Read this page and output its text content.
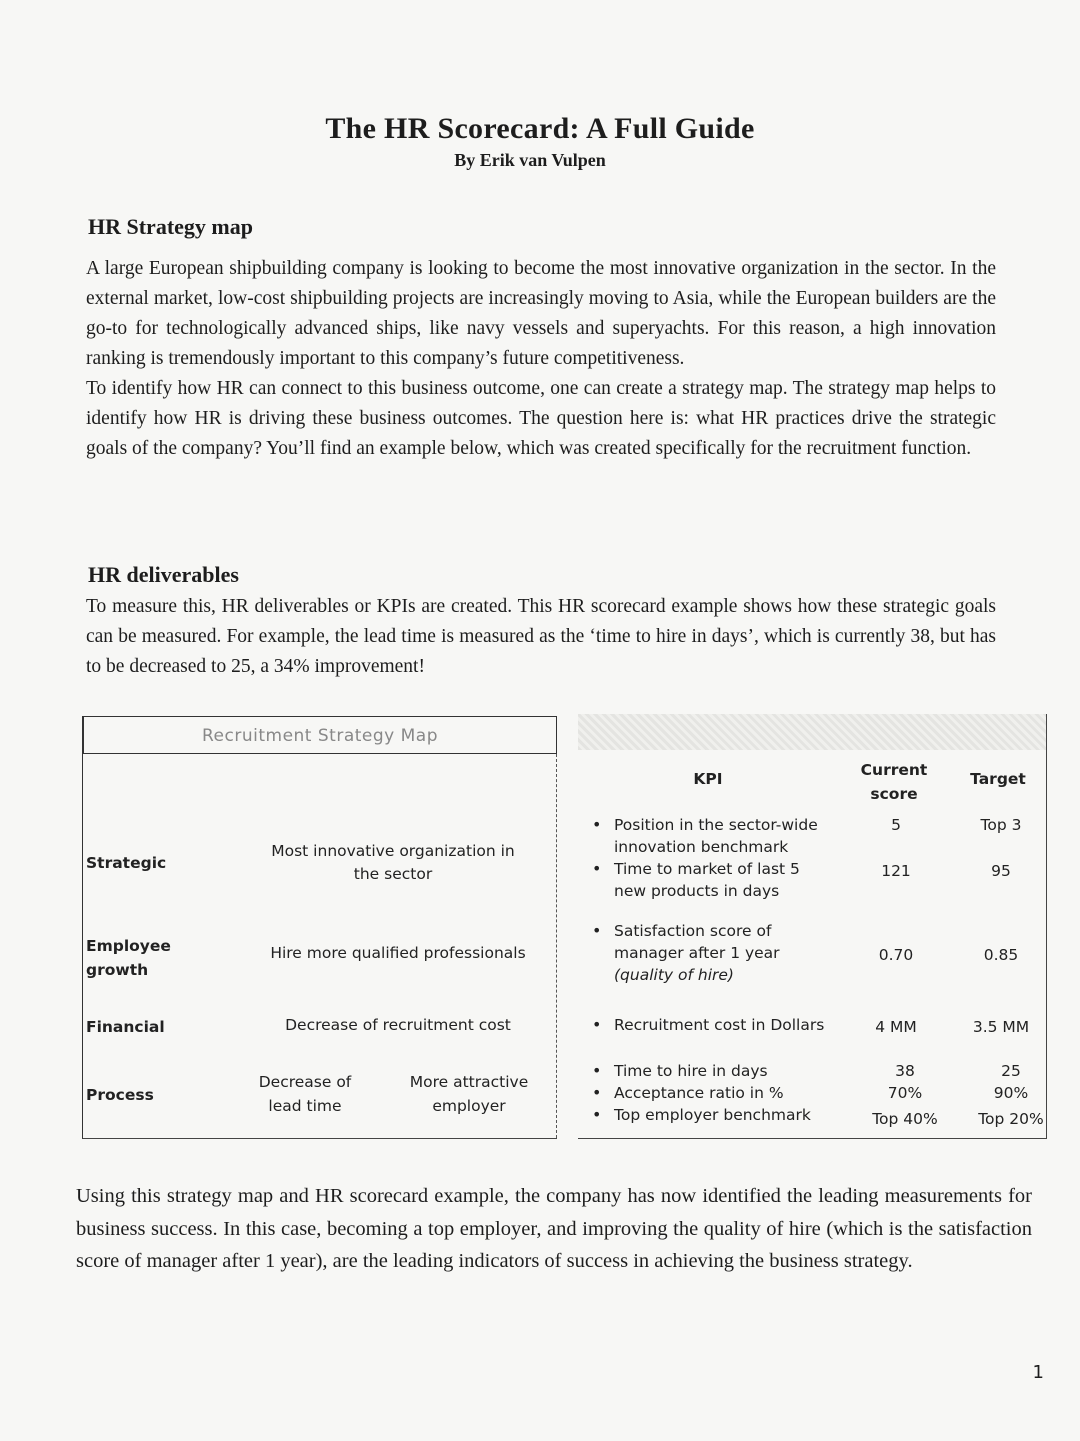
The HR Scorecard: A Full Guide
By Erik van Vulpen
HR Strategy map

A large European shipbuilding company is looking to become the most innovative organization in the sector. In the external market, low-cost shipbuilding projects are increasingly moving to Asia, while the European builders are the go-to for technologically advanced ships, like navy vessels and superyachts. For this reason, a high innovation ranking is tremendously important to this company’s future competitiveness.

To identify how HR can connect to this business outcome, one can create a strategy map. The strategy map helps to identify how HR is driving these business outcomes. The question here is: what HR practices drive the strategic goals of the company? You’ll find an example below, which was created specifically for the recruitment function.

HR deliverables

To measure this, HR deliverables or KPIs are created. This HR scorecard example shows how these strategic goals can be measured. For example, the lead time is measured as the ‘time to hire in days’, which is currently 38, but has to be decreased to 25, a 34% improvement!

Recruitment Strategy Map
KPI	Current score
Target
Strategic
Most innovative organization in the sector
• Position in the sector-wide innovation benchmark
• Time to market of last 5 new products in days
5	Top 3
121	95
Employee growth
Hire more qualified professionals
• Satisfaction score of manager after 1 year
(quality of hire)
0.70	0.85
Financial	Decrease of recruitment cost
•	Recruitment cost in Dollars	4 MM	3.5 MM
Process
Decrease of lead time
More attractive employer
• Time to hire in days
• Acceptance ratio in %
• Top employer benchmark
38	25
70%	90%
Top 40%	Top 20%
Using this strategy map and HR scorecard example, the company has now identified the leading measurements for business success. In this case, becoming a top employer, and improving the quality of hire (which is the satisfaction score of manager after 1 year), are the leading indicators of success in achieving the business strategy.
1
